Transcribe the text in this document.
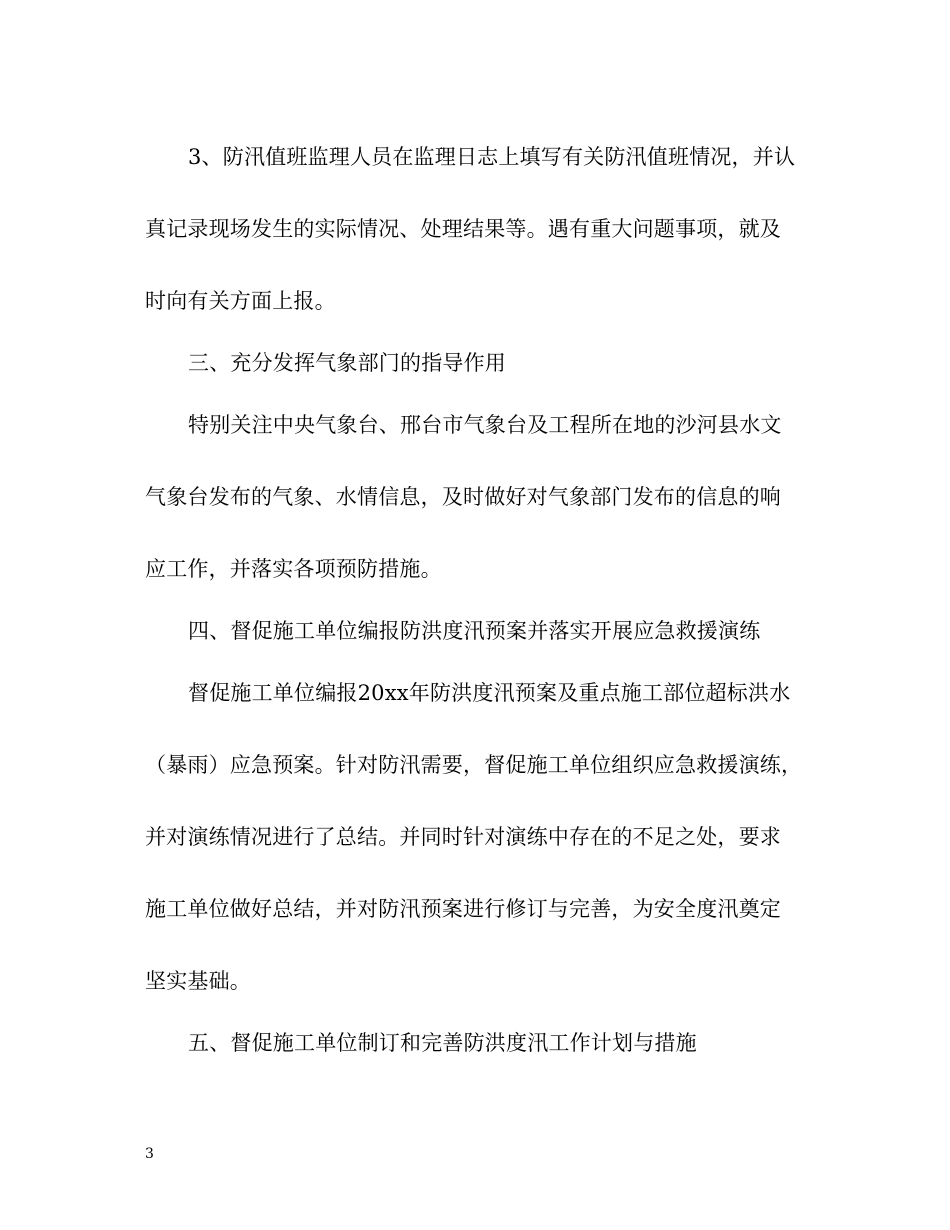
3、防汛值班监理人员在监理日志上填写有关防汛值班情况，并认
真记录现场发生的实际情况、处理结果等。遇有重大问题事项，就及
时向有关方面上报。
三、充分发挥气象部门的指导作用
特别关注中央气象台、邢台市气象台及工程所在地的沙河县水文
气象台发布的气象、水情信息，及时做好对气象部门发布的信息的响
应工作，并落实各项预防措施。
四、督促施工单位编报防洪度汛预案并落实开展应急救援演练
督促施工单位编报20xx年防洪度汛预案及重点施工部位超标洪水
（暴雨）应急预案。针对防汛需要，督促施工单位组织应急救援演练，
并对演练情况进行了总结。并同时针对演练中存在的不足之处，要求
施工单位做好总结，并对防汛预案进行修订与完善，为安全度汛奠定
坚实基础。
五、督促施工单位制订和完善防洪度汛工作计划与措施
3
